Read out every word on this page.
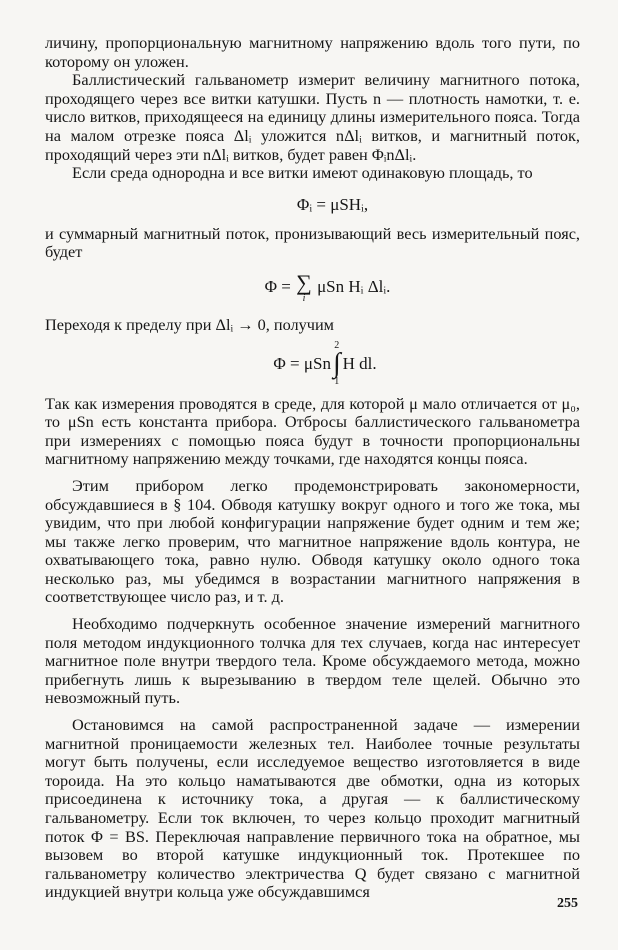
личину, пропорциональную магнитному напряжению вдоль того пути, по которому он уложен.

Баллистический гальванометр измерит величину магнитного потока, проходящего через все витки катушки. Пусть n — плотность намотки, т. е. число витков, приходящееся на единицу длины измерительного пояса. Тогда на малом отрезке пояса Δlᵢ уложится nΔlᵢ витков, и магнитный поток, проходящий через эти nΔlᵢ витков, будет равен ΦᵢnΔlᵢ.

Если среда однородна и все витки имеют одинаковую площадь, то

Φᵢ = μSHᵢ,

и суммарный магнитный поток, пронизывающий весь измерительный пояс, будет

Φ = ∑
i
μSn Hᵢ Δlᵢ.

Переходя к пределу при Δlᵢ → 0, получим

Φ = μSn
2
∫
1
H dl.

Так как измерения проводятся в среде, для которой μ мало отличается от μ₀, то μSn есть константа прибора. Отбросы баллистического гальванометра при измерениях с помощью пояса будут в точности пропорциональны магнитному напряжению между точками, где находятся концы пояса.

Этим прибором легко продемонстрировать закономерности, обсуждавшиеся в § 104. Обводя катушку вокруг одного и того же тока, мы увидим, что при любой конфигурации напряжение будет одним и тем же; мы также легко проверим, что магнитное напряжение вдоль контура, не охватывающего тока, равно нулю. Обводя катушку около одного тока несколько раз, мы убедимся в возрастании магнитного напряжения в соответствующее число раз, и т. д.

Необходимо подчеркнуть особенное значение измерений магнитного поля методом индукционного толчка для тех случаев, когда нас интересует магнитное поле внутри твердого тела. Кроме обсуждаемого метода, можно прибегнуть лишь к вырезыванию в твердом теле щелей. Обычно это невозможный путь.

Остановимся на самой распространенной задаче — измерении магнитной проницаемости железных тел. Наиболее точные результаты могут быть получены, если исследуемое вещество изготовляется в виде тороида. На это кольцо наматываются две обмотки, одна из которых присоединена к источнику тока, а другая — к баллистическому гальванометру. Если ток включен, то через кольцо проходит магнитный поток Φ = BS. Переключая направление первичного тока на обратное, мы вызовем во второй катушке индукционный ток. Протекшее по гальванометру количество электричества Q будет связано с магнитной индукцией внутри кольца уже обсуждавшимся

255
